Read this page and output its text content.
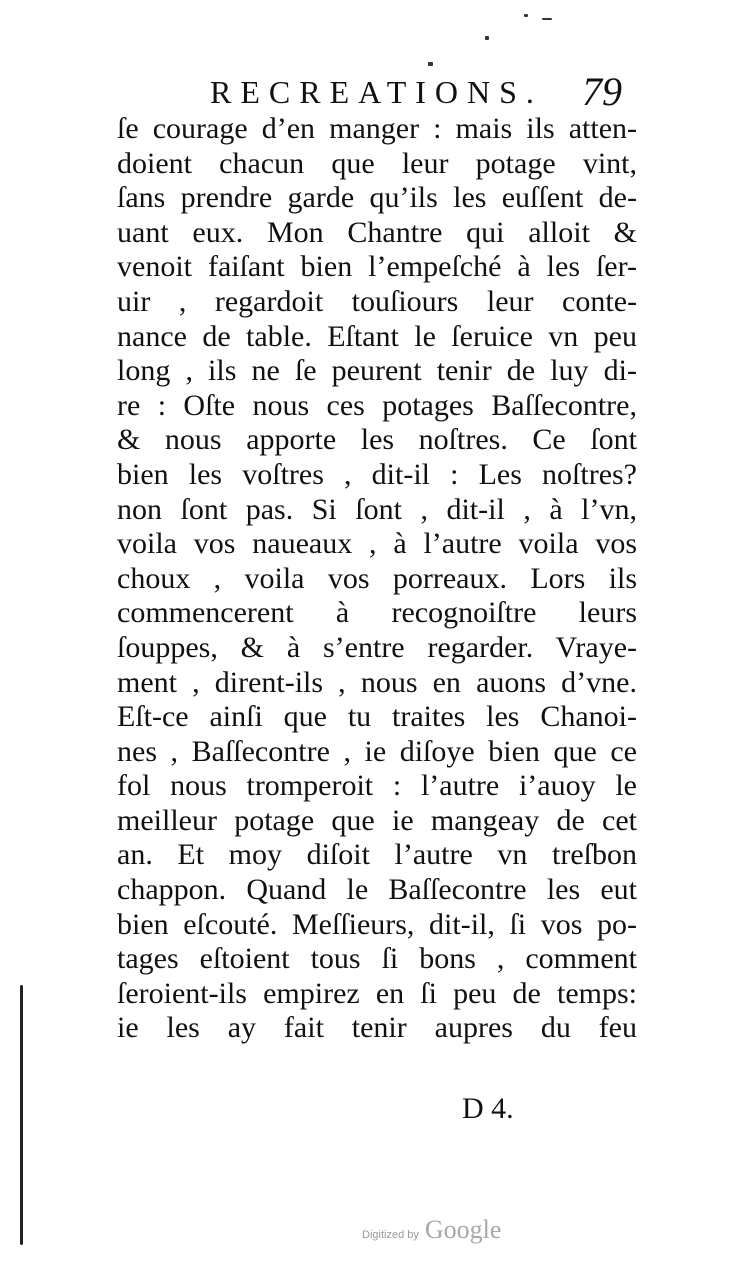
RECREATIONS. 79
ſe courage d’en manger : mais ils atten-
doient chacun que leur potage vint,
ſans prendre garde qu’ils les euſſent de-
uant eux. Mon Chantre qui alloit &
venoit faiſant bien l’empeſché à les ſer-
uir , regardoit touſiours leur conte-
nance de table. Eſtant le ſeruice vn peu
long , ils ne ſe peurent tenir de luy di-
re : Oſte nous ces potages Baſſecontre,
& nous apporte les noſtres. Ce ſont
bien les voſtres , dit-il : Les noſtres?
non ſont pas. Si ſont , dit-il , à l’vn,
voila vos naueaux , à l’autre voila vos
choux , voila vos porreaux. Lors ils
commencerent à recognoiſtre leurs
ſouppes, & à s’entre regarder. Vraye-
ment , dirent-ils , nous en auons d’vne.
Eſt-ce ainſi que tu traites les Chanoi-
nes , Baſſecontre , ie diſoye bien que ce
fol nous tromperoit : l’autre i’auoy le
meilleur potage que ie mangeay de cet
an. Et moy diſoit l’autre vn treſbon
chappon. Quand le Baſſecontre les eut
bien eſcouté. Meſſieurs, dit-il, ſi vos po-
tages eſtoient tous ſi bons , comment
ſeroient-ils empirez en ſi peu de temps:
ie les ay fait tenir aupres du feu
D 4.
Digitized by Google
